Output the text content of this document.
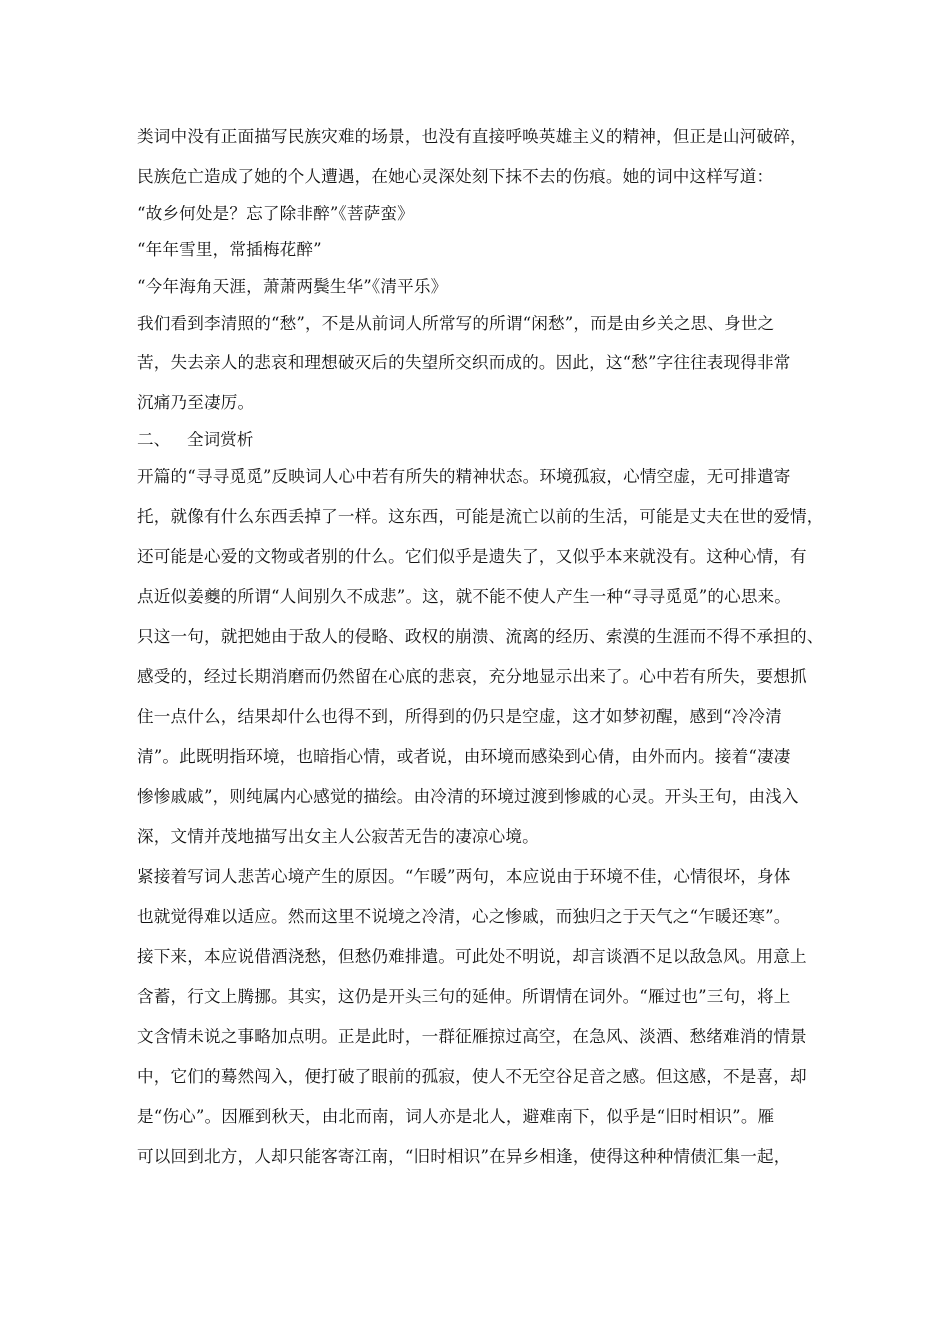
类词中没有正面描写民族灾难的场景，也没有直接呼唤英雄主义的精神，但正是山河破碎，
民族危亡造成了她的个人遭遇，在她心灵深处刻下抹不去的伤痕。她的词中这样写道：
“故乡何处是？忘了除非醉”《菩萨蛮》
“年年雪里，常插梅花醉”
“今年海角天涯，萧萧两鬓生华”《清平乐》
我们看到李清照的“愁”，不是从前词人所常写的所谓“闲愁”，而是由乡关之思、身世之
苦，失去亲人的悲哀和理想破灭后的失望所交织而成的。因此，这“愁”字往往表现得非常
沉痛乃至凄厉。
二、 全词赏析
开篇的“寻寻觅觅”反映词人心中若有所失的精神状态。环境孤寂，心情空虚，无可排遣寄
托，就像有什么东西丢掉了一样。这东西，可能是流亡以前的生活，可能是丈夫在世的爱情，
还可能是心爱的文物或者别的什么。它们似乎是遗失了，又似乎本来就没有。这种心情，有
点近似姜夔的所谓“人间别久不成悲”。这，就不能不使人产生一种“寻寻觅觅”的心思来。
只这一句，就把她由于敌人的侵略、政权的崩溃、流离的经历、索漠的生涯而不得不承担的、
感受的，经过长期消磨而仍然留在心底的悲哀，充分地显示出来了。心中若有所失，要想抓
住一点什么，结果却什么也得不到，所得到的仍只是空虚，这才如梦初醒，感到“冷冷清
清”。此既明指环境，也暗指心情，或者说，由环境而感染到心倩，由外而内。接着“凄凄
惨惨戚戚”，则纯属内心感觉的描绘。由冷清的环境过渡到惨戚的心灵。开头王句，由浅入
深，文情并茂地描写出女主人公寂苦无告的凄凉心境。
紧接着写词人悲苦心境产生的原因。“乍暖”两句，本应说由于环境不佳，心情很坏，身体
也就觉得难以适应。然而这里不说境之冷清，心之惨戚，而独归之于天气之“乍暖还寒”。
接下来，本应说借酒浇愁，但愁仍难排遣。可此处不明说，却言谈酒不足以敌急风。用意上
含蓄，行文上腾挪。其实，这仍是开头三句的延伸。所谓情在词外。“雁过也”三句，将上
文含情未说之事略加点明。正是此时，一群征雁掠过高空，在急风、淡酒、愁绪难消的情景
中，它们的蓦然闯入，便打破了眼前的孤寂，使人不无空谷足音之感。但这感，不是喜，却
是“伤心”。因雁到秋天，由北而南，词人亦是北人，避难南下，似乎是“旧时相识”。雁
可以回到北方，人却只能客寄江南，“旧时相识”在异乡相逢，使得这种种情债汇集一起，
